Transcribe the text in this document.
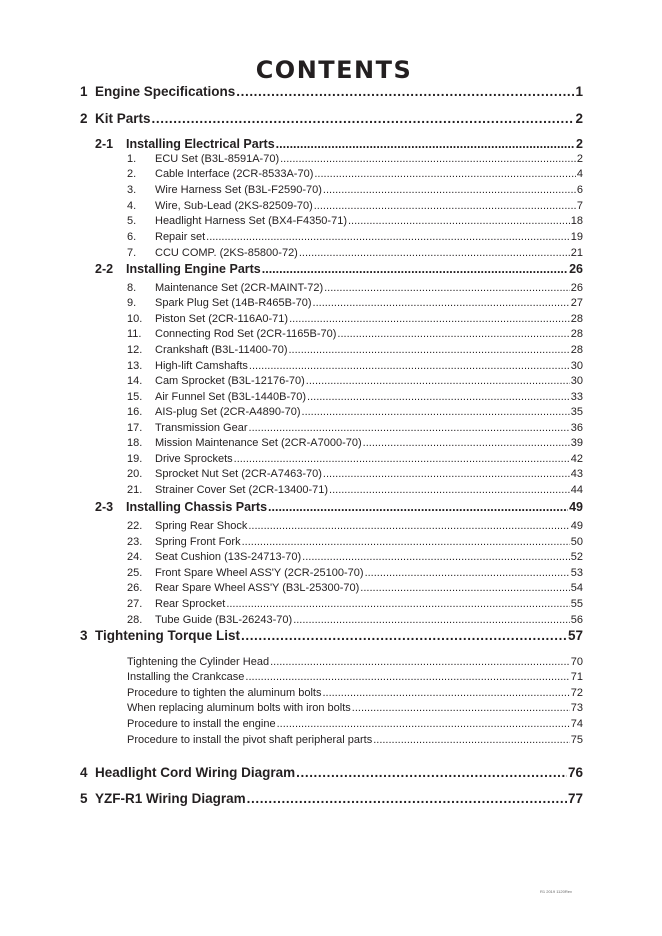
CONTENTS
1 Engine Specifications .....	1
2 Kit Parts .....	2
2-1	Installing Electrical Parts .....	2
1.	ECU Set (B3L-8591A-70) .....	2
2.	Cable Interface (2CR-8533A-70) .....	4
3.	Wire Harness Set (B3L-F2590-70) .....	6
4.	Wire, Sub-Lead (2KS-82509-70) .....	7
5.	Headlight Harness Set (BX4-F4350-71) .....	18
6.	Repair set .....	19
7.	CCU COMP. (2KS-85800-72) .....	21
2-2	Installing Engine Parts .....	26
8.	Maintenance Set (2CR-MAINT-72) .....	26
9.	Spark Plug Set (14B-R465B-70) .....	27
10.	Piston Set (2CR-116A0-71) .....	28
11.	Connecting Rod Set (2CR-1165B-70) .....	28
12.	Crankshaft (B3L-11400-70) .....	28
13.	High-lift Camshafts .....	30
14.	Cam Sprocket (B3L-12176-70) .....	30
15.	Air Funnel Set (B3L-1440B-70) .....	33
16.	AIS-plug Set (2CR-A4890-70) .....	35
17.	Transmission Gear .....	36
18.	Mission Maintenance Set (2CR-A7000-70) .....	39
19.	Drive Sprockets .....	42
20.	Sprocket Nut Set (2CR-A7463-70) .....	43
21.	Strainer Cover Set (2CR-13400-71) .....	44
2-3	Installing Chassis Parts .....	49
22.	Spring Rear Shock .....	49
23.	Spring Front Fork .....	50
24.	Seat Cushion (13S-24713-70) .....	52
25.	Front Spare Wheel ASS'Y (2CR-25100-70) .....	53
26.	Rear Spare Wheel ASS'Y (B3L-25300-70) .....	54
27.	Rear Sprocket .....	55
28.	Tube Guide (B3L-26243-70) .....	56
3 Tightening Torque List .....	57
Tightening the Cylinder Head .....	70
Installing the Crankcase .....	71
Procedure to tighten the aluminum bolts .....	72
When replacing aluminum bolts with iron bolts .....	73
Procedure to install the engine .....	74
Procedure to install the pivot shaft peripheral parts .....	75
4 Headlight Cord Wiring Diagram .....	76
5 YZF-R1 Wiring Diagram .....	77
R1 2019 1120Rev
